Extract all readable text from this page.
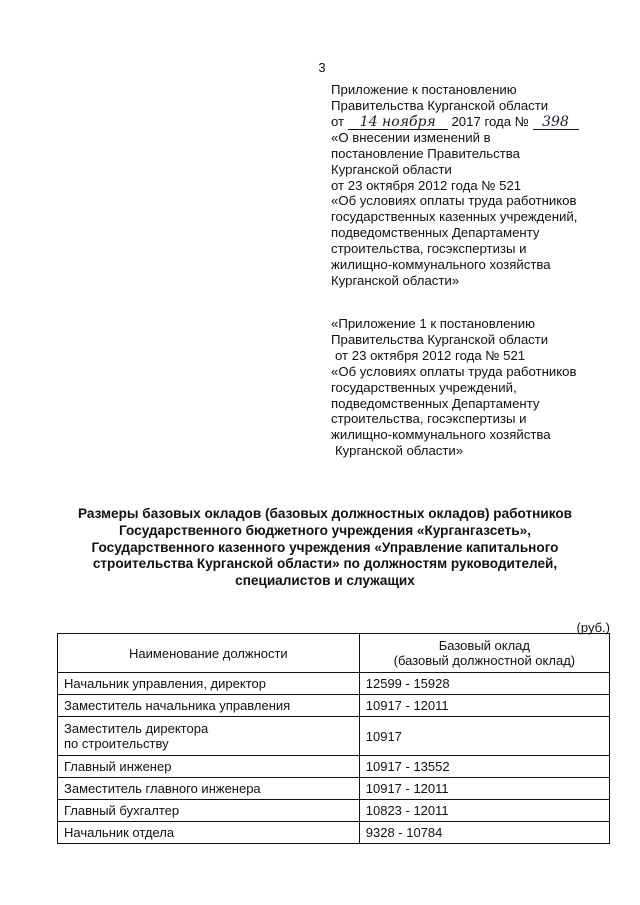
3
Приложение к постановлению
Правительства Курганской области
от 14 ноября 2017 года № 398
«О внесении изменений в
постановление Правительства
Курганской области
от 23 октября 2012 года № 521
«Об условиях оплаты труда работников
государственных казенных учреждений,
подведомственных Департаменту
строительства, госэкспертизы и
жилищно-коммунального хозяйства
Курганской области»
«Приложение 1 к постановлению
Правительства Курганской области
от 23 октября 2012 года № 521
«Об условиях оплаты труда работников
государственных учреждений,
подведомственных Департаменту
строительства, госэкспертизы и
жилищно-коммунального хозяйства
Курганской области»
Размеры базовых окладов (базовых должностных окладов) работников
Государственного бюджетного учреждения «Кургангазсеть»,
Государственного казенного учреждения «Управление капитального
строительства Курганской области» по должностям руководителей,
специалистов и служащих
(руб.)
Наименование должности	Базовый оклад
(базовый должностной оклад)

Начальник управления, директор	12599 - 15928
Заместитель начальника управления	10917 - 12011

Заместитель директора
по строительству	10917
Главный инженер	10917 - 13552
Заместитель главного инженера	10917 - 12011
Главный бухгалтер	10823 - 12011
Начальник отдела	9328 - 10784
